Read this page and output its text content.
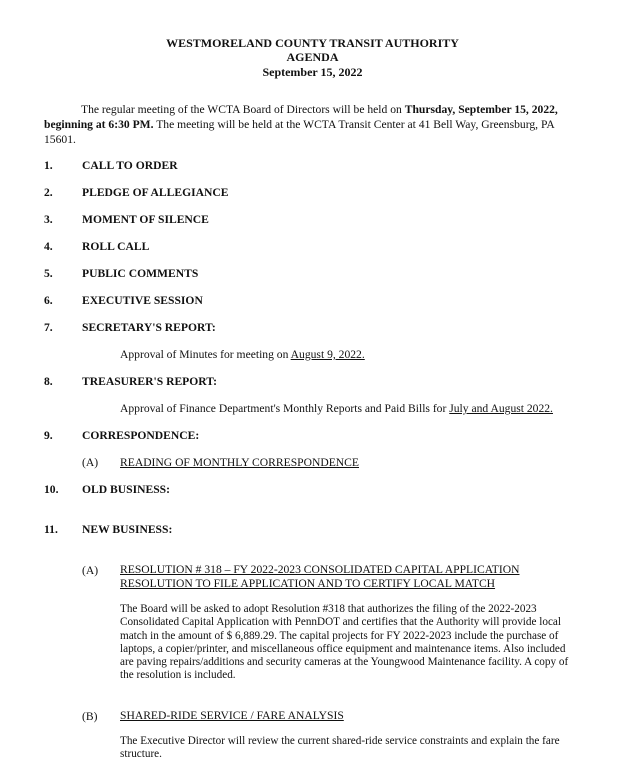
WESTMORELAND COUNTY TRANSIT AUTHORITY
AGENDA
September 15, 2022
The regular meeting of the WCTA Board of Directors will be held on Thursday, September 15, 2022, beginning at 6:30 PM. The meeting will be held at the WCTA Transit Center at 41 Bell Way, Greensburg, PA 15601.
1.	CALL TO ORDER
2.	PLEDGE OF ALLEGIANCE
3.	MOMENT OF SILENCE
4.	ROLL CALL
5.	PUBLIC COMMENTS
6.	EXECUTIVE SESSION
7.	SECRETARY'S REPORT:
Approval of Minutes for meeting on August 9, 2022.
8.	TREASURER'S REPORT:
Approval of Finance Department's Monthly Reports and Paid Bills for July and August 2022.
9.	CORRESPONDENCE:
(A) READING OF MONTHLY CORRESPONDENCE
10. OLD BUSINESS:
11. NEW BUSINESS:
(A) RESOLUTION # 318 – FY 2022-2023 CONSOLIDATED CAPITAL APPLICATION
RESOLUTION TO FILE APPLICATION AND TO CERTIFY LOCAL MATCH
The Board will be asked to adopt Resolution #318 that authorizes the filing of the 2022-2023 Consolidated Capital Application with PennDOT and certifies that the Authority will provide local match in the amount of $ 6,889.29. The capital projects for FY 2022-2023 include the purchase of laptops, a copier/printer, and miscellaneous office equipment and maintenance items. Also included are paving repairs/additions and security cameras at the Youngwood Maintenance facility. A copy of the resolution is included.
(B) SHARED-RIDE SERVICE / FARE ANALYSIS
The Executive Director will review the current shared-ride service constraints and explain the fare structure.
